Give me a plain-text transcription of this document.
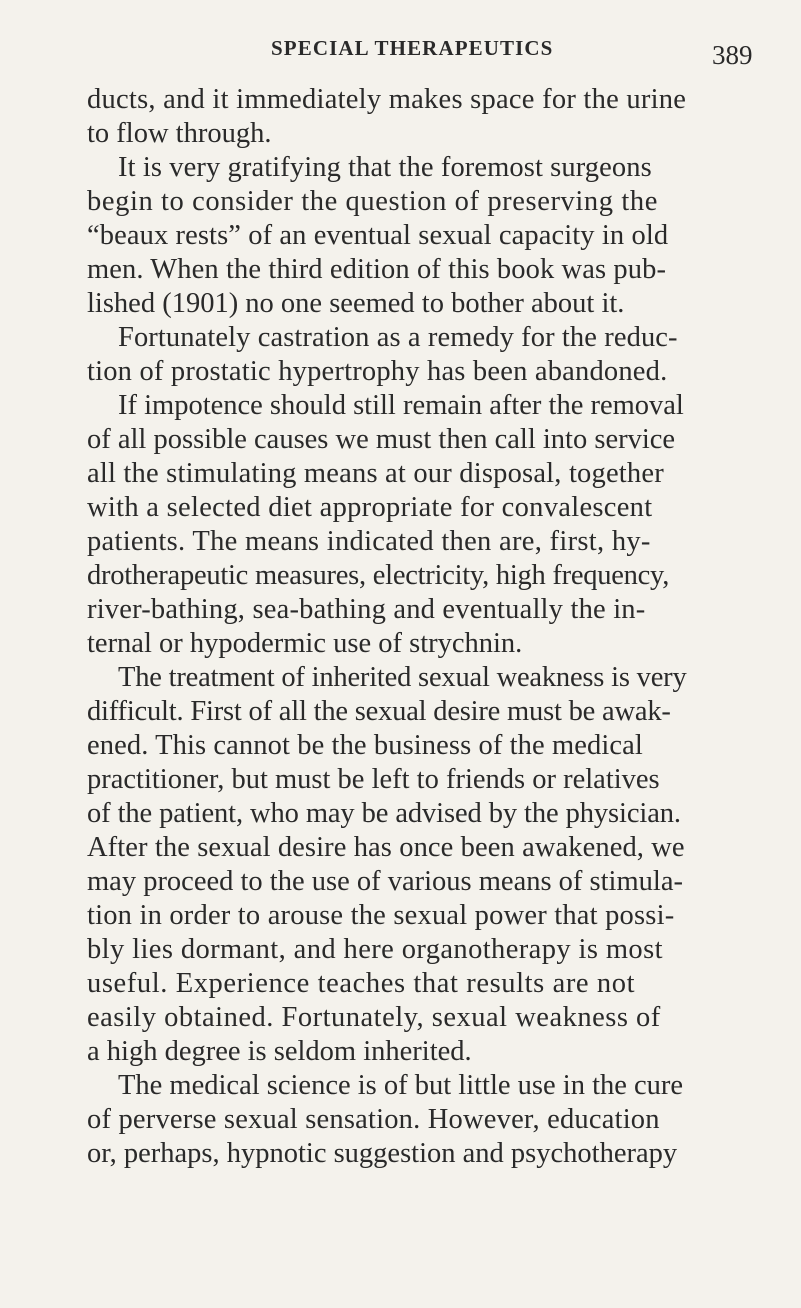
SPECIAL THERAPEUTICS	389
ducts, and it immediately makes space for the urine
to flow through.
It is very gratifying that the foremost surgeons
begin to consider the question of preserving the
“beaux rests” of an eventual sexual capacity in old
men. When the third edition of this book was pub-
lished (1901) no one seemed to bother about it.
Fortunately castration as a remedy for the reduc-
tion of prostatic hypertrophy has been abandoned.
If impotence should still remain after the removal
of all possible causes we must then call into service
all the stimulating means at our disposal, together
with a selected diet appropriate for convalescent
patients. The means indicated then are, first, hy-
drotherapeutic measures, electricity, high frequency,
river-bathing, sea-bathing and eventually the in-
ternal or hypodermic use of strychnin.
The treatment of inherited sexual weakness is very
difficult. First of all the sexual desire must be awak-
ened. This cannot be the business of the medical
practitioner, but must be left to friends or relatives
of the patient, who may be advised by the physician.
After the sexual desire has once been awakened, we
may proceed to the use of various means of stimula-
tion in order to arouse the sexual power that possi-
bly lies dormant, and here organotherapy is most
useful. Experience teaches that results are not
easily obtained. Fortunately, sexual weakness of
a high degree is seldom inherited.
The medical science is of but little use in the cure
of perverse sexual sensation. However, education
or, perhaps, hypnotic suggestion and psychotherapy
